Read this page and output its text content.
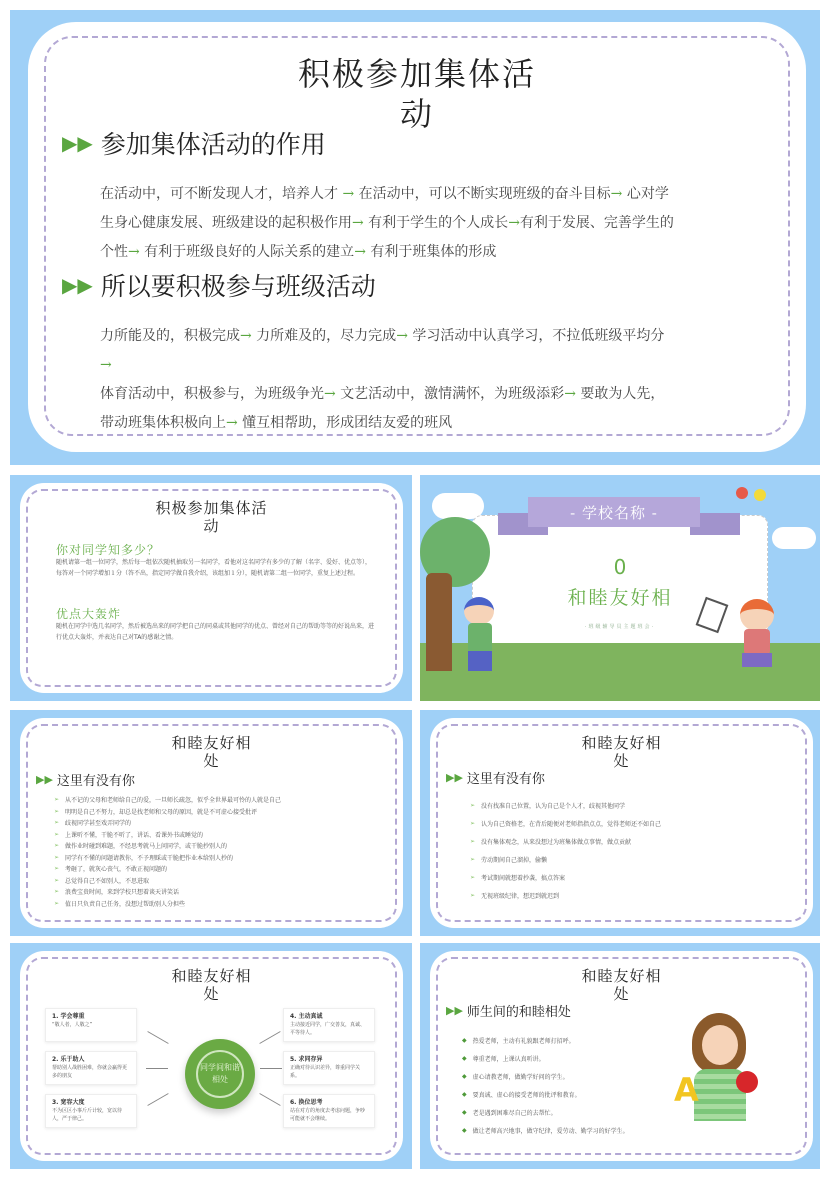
积极参加集体活
动
▶▶ 参加集体活动的作用
在活动中，可不断发现人才，培养人才 → 在活动中，可以不断实现班级的奋斗目标→ 心对学
生身心健康发展、班级建设的起积极作用→ 有利于学生的个人成长→有利于发展、完善学生的
个性→ 有利于班级良好的人际关系的建立→ 有利于班集体的形成
▶▶ 所以要积极参与班级活动
力所能及的，积极完成→ 力所难及的，尽力完成→ 学习活动中认真学习，不拉低班级平均分
→
体育活动中，积极参与，为班级争光→ 文艺活动中，激情满怀，为班级添彩→ 要敢为人先，
带动班集体积极向上→ 懂互相帮助，形成团结友爱的班风
积极参加集体活
动
你对同学知多少？
随机请第一组一位同学，然后每一组依次随机抽取另一名同学，看他对这名同学有多少的了解（名字、爱好、优点等），每答对一个同学增加１分（答不出，指定同学做自我介绍，该组加１分），随机请第二组一位同学，重复上述过程。
优点大轰炸
随机在同学中选几名同学，然后被选出来的同学把自己的同桌或其他同学的优点、曾经对自己的帮助等等的好说出来，进行优点大轰炸，并表达自己对TA的感谢之情。
- 学校名称 -
0
和睦友好相
·班级辅导员主题班会·
和睦友好相
处
▶▶ 这里有没有你
➢ 从不记的父母和老师给自己的爱，一旦师长疏忽，似乎全世界最可怜的人就是自己
➢ 明明是自己不努力，却总是找老师和父母的原因，就是不可虚心接受批评
➢ 歧视同学甚至戏弄同学的
➢ 上课听不懂，干脆不听了，讲话、看课外书或睡觉的
➢ 做作业时碰到难题，不经思考就马上问同学，或干脆抄别人的
➢ 同学有不懂的问题请教你，不予理睬或干脆把作业本给别人抄的
➢ 考砸了，就灰心丧气，不敢正视问题的
➢ 总觉得自己不如别人，不思进取
➢ 浪费宝贵时间，来到学校只想着谈天讲笑话
➢ 值日只负责自己任务，没想过帮助别人分担些
和睦友好相
处
▶▶ 这里有没有你
➢ 没有找准自己位置，认为自己是个人才，歧视其他同学
➢ 认为自己资格老，在背后随便对老师指指点点，觉得老师还不如自己
➢ 没有集体观念，从来没想过为班集体做点事情，做点贡献
➢ 劳动期间自己溜掉，偷懒
➢ 考试期间就想着抄袭，搞点答案
➢ 无视班级纪律，想迟到就迟到
和睦友好相
处
1. 学会尊重
“敬人者，人敬之”
2. 乐于助人
帮助别人战胜困难，你就会赢得更多的朋友
3. 宽容大度
不为区区小事斤斤计较，宽以待人，严于律己。
4. 主动真诚
主动接近同学，广交善友，真诚、平等待人。
5. 求同存异
正确对待认识差异，尊重同学关系。
6. 换位思考
站在对方的角度去考虑问题，争吵可能就不会继续。
同学间和谐相处
和睦友好相
处
▶▶ 师生间的和睦相处
◆ 热爱老师，主动有礼貌跟老师打招呼。
◆ 尊重老师，上课认真听讲。
◆ 虚心请教老师，做勤学好问的学生。
◆ 要真诚、虚心的接受老师的批评和教育。
◆ 老是遇到困难尽自己的去帮忙。
◆ 做让老师高兴地事，做守纪律，爱劳动、勤学习的好学生。
A
